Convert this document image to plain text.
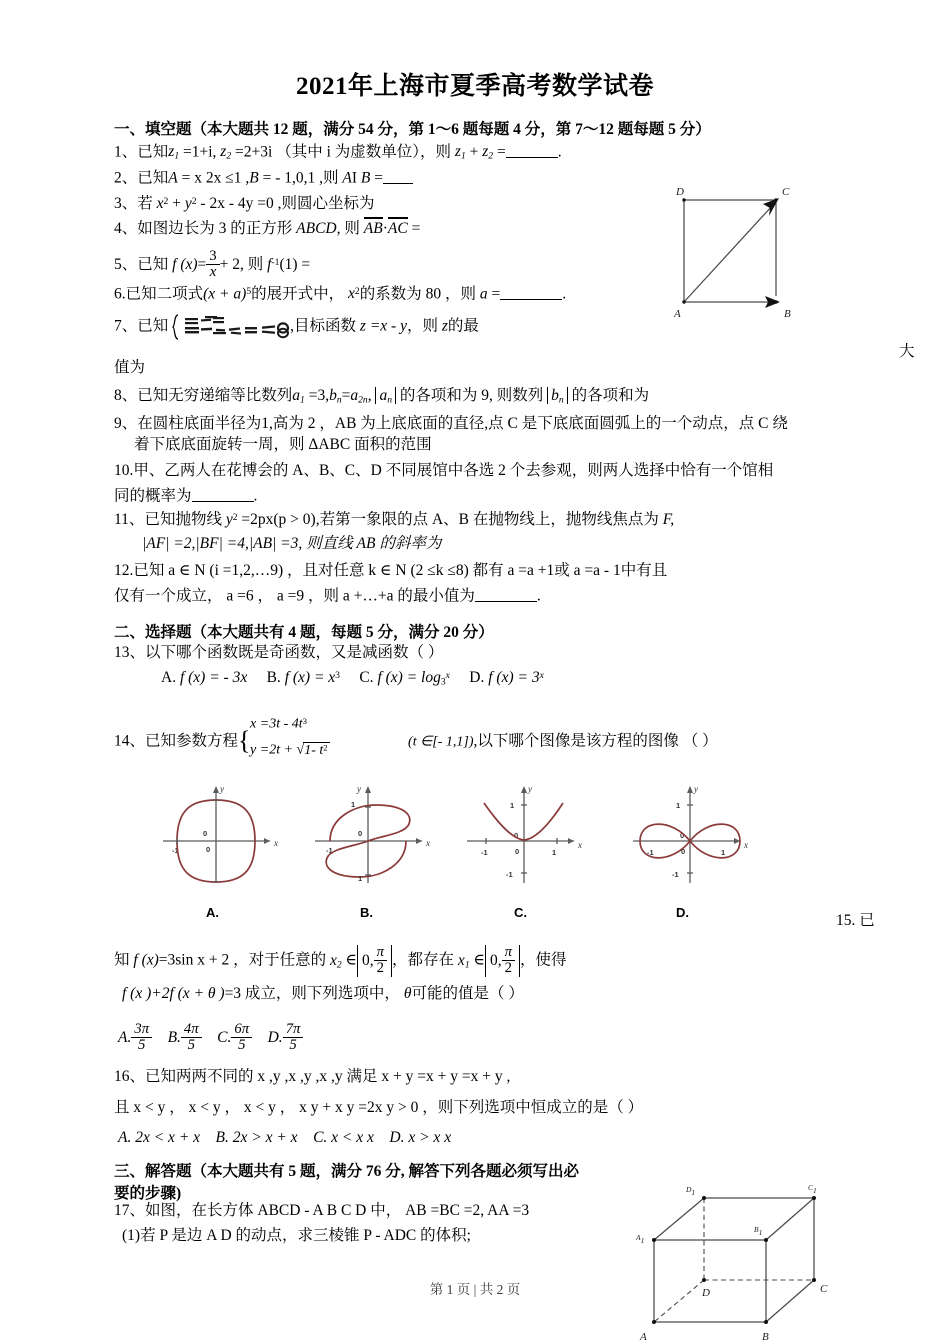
2021年上海市夏季高考数学试卷
一、填空题（本大题共 12 题，满分 54 分，第 1～6 题每题 4 分，第 7～12 题每题 5 分）
1、已知$z_1 =1+i$, $z_2 =2+3i$ （其中 i 为虚数单位），则 $z_1 + z_2$ =	.
2、已知A = x 2x ≤1 ,B = - 1,0,1 ,则 AI B =
3、若 $x^2 + y^2 - 2x - 4y =0$ ,则圆心坐标为
4、如图边长为 3 的正方形 ABCD, 则 AB·AC =
5、已知 f $(x)= \frac{3}{x} + 2$, 则 $f^{-1}(1)$ =
6.已知二项式$(x + a)^5$的展开式中， $x^2$的系数为 80 ，则 a =	.
7、已知	,目标函数 z =x - y，则 z的最
大
值为
8、已知无穷递缩等比数列$a_1 =3,b_n=a_{2n}$, $a_n$ 的各项和为 9, 则数列 $b_n$ 的各项和为
9、在圆柱底面半径为1,高为 2 ，AB 为上底底面的直径,点 C 是下底底面圆弧上的一个动点，点 C 绕
着下底底面旋转一周，则 ΔABC 面积的范围
10.甲、乙两人在花博会的 A、B、C、D 不同展馆中各选 2 个去参观，则两人选择中恰有一个馆相
同的概率为	.
11、已知抛物线 $y^2 =2px(p > 0)$,若第一象限的点 A、B 在抛物线上，抛物线焦点为 F,
|AF| =2,|BF| =4,|AB| =3, 则直线 AB 的斜率为
12.已知 a ∈ N (i =1,2,…9) ，且对任意 k ∈ N (2 ≤k ≤8) 都有 a =a +1或 a =a - 1中有且
仅有一个成立， a =6 ， a =9 ，则 a +…+a 的最小值为	.
二、选择题（本大题共有 4 题，每题 5 分，满分 20 分）
13、以下哪个函数既是奇函数，又是减函数（ ）
A. f (x) = - 3x B. f $(x) = x^3$ C. f $(x) = \log_3^x D$. f $(x) = 3^x$
14、已知参数方程 {
$x =3t - 4t^3$
y =2t + √1- $t^2$	(t ∈[- 1,1]),以下哪个图像是该方程的图像 （ ）
x
y
0
0
-1
A.
x
y
0
1
-1
1
B.
x
y
0
0
-1	1
1
-1
C.
x
y
0
0
-1	1
1
-1
D.	15. 已
知 f (x)=3sin x + 2 ，对于任意的 $x_2$ ∈ 0, $\frac{\pi}{2}$ ，都存在 $x_1$ ∈ 0, $\frac{\pi}{2}$ ，使得
f (x )+2f (x + θ )=3 成立，则下列选项中， θ可能的值是（ ）
A. $\frac{3\pi}{5} B$. $\frac{4\pi}{5} C$. $\frac{6\pi}{5} D$. $\frac{7\pi}{5}$
16、已知两两不同的 x ,y ,x ,y ,x ,y 满足 x + y =x + y =x + y ,
且 x < y ， x < y ， x < y ， x y + x y =2x y > 0 ，则下列选项中恒成立的是（ ）
A. 2x < x + x B. 2x > x + x C. x < x x D. x > x x
三、解答题（本大题共有 5 题，满分 76 分, 解答下列各题必须写出必
要的步骤)
17、如图，在长方体 ABCD - A B C D 中， AB =BC =2, AA =3
(1)若 P 是边 A D 的动点，求三棱锥 P - ADC 的体积;
D	C
A	B
$D_1$
$C_1$
$A_1$
$B_1$
D	C
A	B
第 1 页 | 共 2 页
